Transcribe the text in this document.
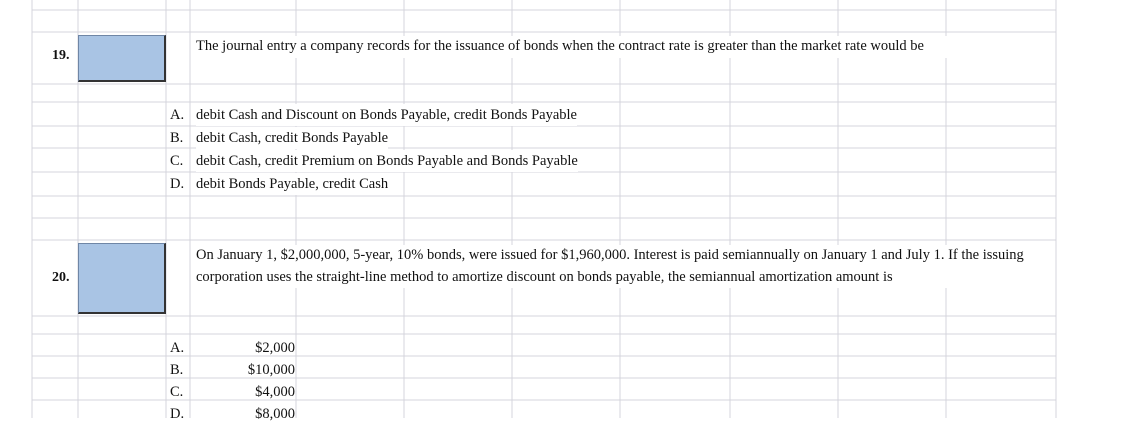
19.
The journal entry a company records for the issuance of bonds when the contract rate is greater than the market rate would be
A. debit Cash and Discount on Bonds Payable, credit Bonds Payable
B. debit Cash, credit Bonds Payable
C. debit Cash, credit Premium on Bonds Payable and Bonds Payable
D. debit Bonds Payable, credit Cash
20.
On January 1, $2,000,000, 5-year, 10% bonds, were issued for $1,960,000. Interest is paid semiannually on January 1 and July 1. If the issuing corporation uses the straight-line method to amortize discount on bonds payable, the semiannual amortization amount is
A.	$2,000
B.	$10,000
C.	$4,000
D.	$8,000
